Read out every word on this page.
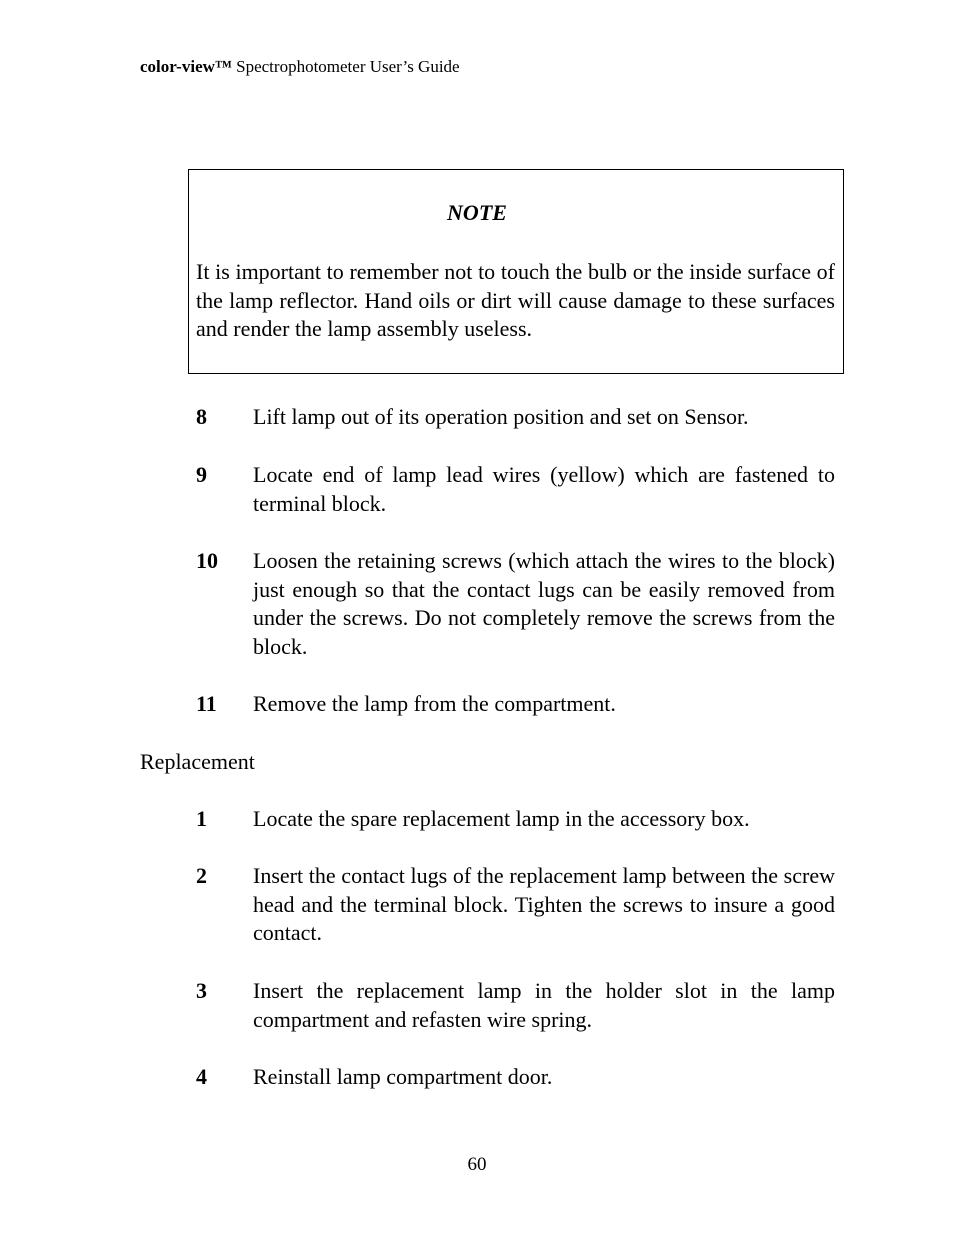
color-view™ Spectrophotometer User’s Guide
NOTE
It is important to remember not to touch the bulb or the inside surface of the lamp reflector. Hand oils or dirt will cause damage to these surfaces and render the lamp assembly useless.
8 Lift lamp out of its operation position and set on Sensor.
9 Locate end of lamp lead wires (yellow) which are fastened to terminal block.
10 Loosen the retaining screws (which attach the wires to the block) just enough so that the contact lugs can be easily removed from under the screws. Do not completely remove the screws from the block.
11 Remove the lamp from the compartment.
Replacement
1 Locate the spare replacement lamp in the accessory box.
2 Insert the contact lugs of the replacement lamp between the screw head and the terminal block. Tighten the screws to insure a good contact.
3 Insert the replacement lamp in the holder slot in the lamp compartment and refasten wire spring.
4 Reinstall lamp compartment door.
60
